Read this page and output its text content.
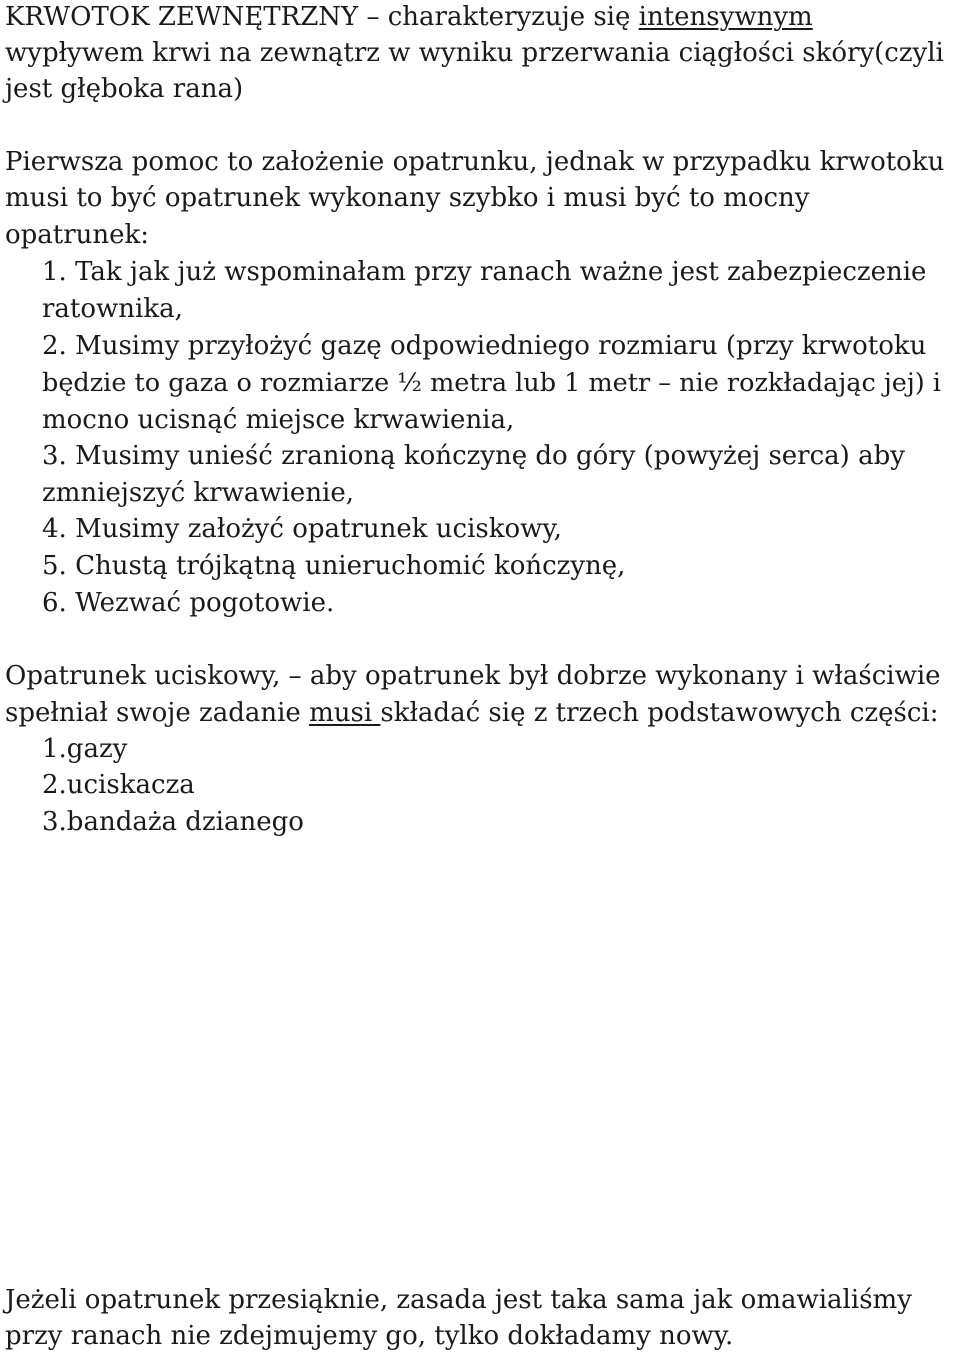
KRWOTOK ZEWNĘTRZNY – charakteryzuje się intensywnym
wypływem krwi na zewnątrz w wyniku przerwania ciągłości skóry(czyli
jest głęboka rana)
Pierwsza pomoc to założenie opatrunku, jednak w przypadku krwotoku
musi to być opatrunek wykonany szybko i musi być to mocny
opatrunek:
1. Tak jak już wspominałam przy ranach ważne jest zabezpieczenie
ratownika,
2. Musimy przyłożyć gazę odpowiedniego rozmiaru (przy krwotoku
będzie to gaza o rozmiarze ½ metra lub 1 metr – nie rozkładając jej) i
mocno ucisnąć miejsce krwawienia,
3. Musimy unieść zranioną kończynę do góry (powyżej serca) aby
zmniejszyć krwawienie,
4. Musimy założyć opatrunek uciskowy,
5. Chustą trójkątną unieruchomić kończynę,
6. Wezwać pogotowie.
Opatrunek uciskowy, – aby opatrunek był dobrze wykonany i właściwie
spełniał swoje zadanie musi składać się z trzech podstawowych części:
1.gazy
2.uciskacza
3.bandaża dzianego
Jeżeli opatrunek przesiąknie, zasada jest taka sama jak omawialiśmy
przy ranach nie zdejmujemy go, tylko dokładamy nowy.
